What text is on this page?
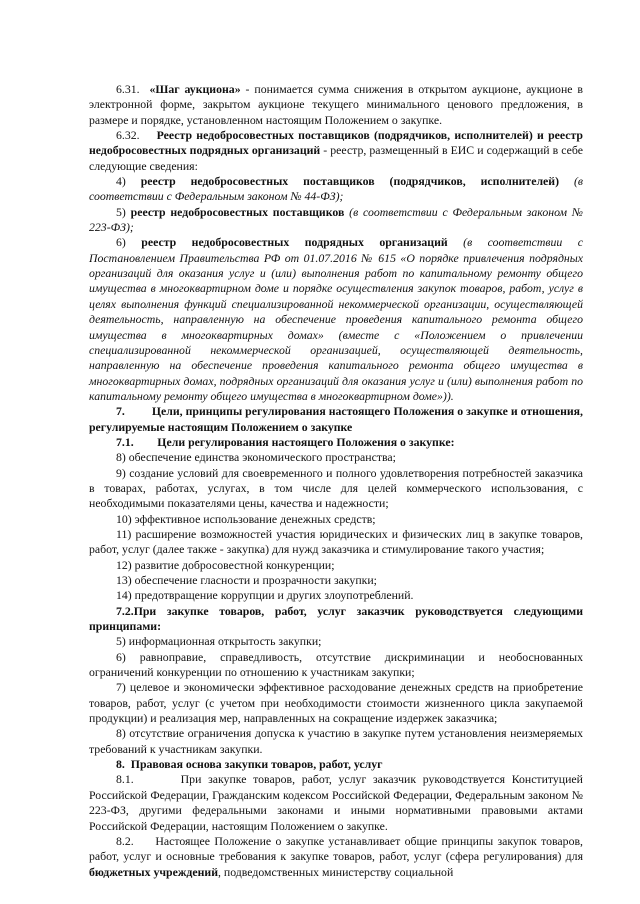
6.31. «Шаг аукциона» - понимается сумма снижения в открытом аукционе, аукционе в электронной форме, закрытом аукционе текущего минимального ценового предложения, в размере и порядке, установленном настоящим Положением о закупке.

6.32. Реестр недобросовестных поставщиков (подрядчиков, исполнителей) и реестр недобросовестных подрядных организаций - реестр, размещенный в ЕИС и содержащий в себе следующие сведения:

4) реестр недобросовестных поставщиков (подрядчиков, исполнителей) (в соответствии с Федеральным законом № 44-ФЗ);

5) реестр недобросовестных поставщиков (в соответствии с Федеральным законом № 223-ФЗ);

6) реестр недобросовестных подрядных организаций (в соответствии с Постановлением Правительства РФ от 01.07.2016 № 615 «О порядке привлечения подрядных организаций для оказания услуг и (или) выполнения работ по капитальному ремонту общего имущества в многоквартирном доме и порядке осуществления закупок товаров, работ, услуг в целях выполнения функций специализированной некоммерческой организации, осуществляющей деятельность, направленную на обеспечение проведения капитального ремонта общего имущества в многоквартирных домах» (вместе с «Положением о привлечении специализированной некоммерческой организацией, осуществляющей деятельность, направленную на обеспечение проведения капитального ремонта общего имущества в многоквартирных домах, подрядных организаций для оказания услуг и (или) выполнения работ по капитальному ремонту общего имущества в многоквартирном доме»)).

7. Цели, принципы регулирования настоящего Положения о закупке и отношения, регулируемые настоящим Положением о закупке

7.1. Цели регулирования настоящего Положения о закупке:

8) обеспечение единства экономического пространства;

9) создание условий для своевременного и полного удовлетворения потребностей заказчика в товарах, работах, услугах, в том числе для целей коммерческого использования, с необходимыми показателями цены, качества и надежности;

10) эффективное использование денежных средств;

11) расширение возможностей участия юридических и физических лиц в закупке товаров, работ, услуг (далее также - закупка) для нужд заказчика и стимулирование такого участия;

12) развитие добросовестной конкуренции;

13) обеспечение гласности и прозрачности закупки;

14) предотвращение коррупции и других злоупотреблений.

7.2.При закупке товаров, работ, услуг заказчик руководствуется следующими принципами:

5) информационная открытость закупки;

6) равноправие, справедливость, отсутствие дискриминации и необоснованных ограничений конкуренции по отношению к участникам закупки;

7) целевое и экономически эффективное расходование денежных средств на приобретение товаров, работ, услуг (с учетом при необходимости стоимости жизненного цикла закупаемой продукции) и реализация мер, направленных на сокращение издержек заказчика;

8) отсутствие ограничения допуска к участию в закупке путем установления неизмеряемых требований к участникам закупки.

8. Правовая основа закупки товаров, работ, услуг

8.1.	При закупке товаров, работ, услуг заказчик руководствуется Конституцией Российской Федерации, Гражданским кодексом Российской Федерации, Федеральным законом № 223-ФЗ, другими федеральными законами и иными нормативными правовыми актами Российской Федерации, настоящим Положением о закупке.

8.2. Настоящее Положение о закупке устанавливает общие принципы закупок товаров, работ, услуг и основные требования к закупке товаров, работ, услуг (сфера регулирования) для бюджетных учреждений, подведомственных министерству социальной
